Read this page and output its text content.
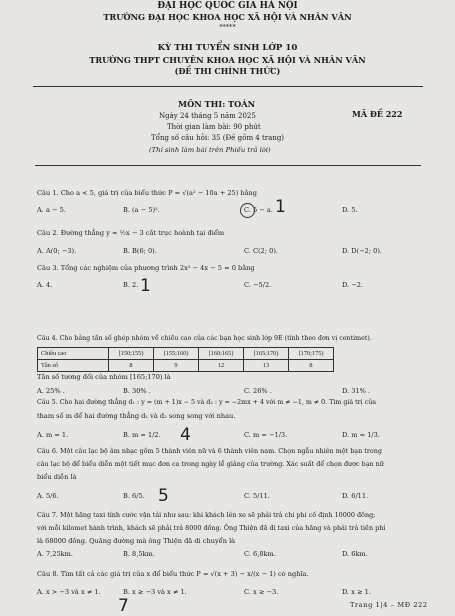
ĐẠI HỌC QUỐC GIA HÀ NỘI
TRƯỜNG ĐẠI HỌC KHOA HỌC XÃ HỘI VÀ NHÂN VĂN
*****
KỲ THI TUYỂN SINH LỚP 10
TRƯỜNG THPT CHUYÊN KHOA HỌC XÃ HỘI VÀ NHÂN VĂN
(ĐỀ THI CHÍNH THỨC)
MÔN THI: TOÁN
Ngày 24 tháng 5 năm 2025
Thời gian làm bài: 90 phút
Tổng số câu hỏi: 35 (Đề gồm 4 trang)
(Thí sinh làm bài trên Phiếu trả lời)
MÃ ĐỀ 222
Câu 1. Cho a < 5, giá trị của biểu thức P = √(a² − 10a + 25) bằng
A. a − 5.	B. (a − 5)².	C. 5 − a.	D. 5.
1
Câu 2. Đường thẳng y = ½x − 3 cắt trục hoành tại điểm
A. A(0; −3).	B. B(6; 0).	C. C(2; 0).	D. D(−2; 0).
Câu 3. Tổng các nghiệm của phương trình 2x² − 4x − 5 = 0 bằng
A. 4.	B. 2.	C. −5/2.	D. −2.
1
Câu 4. Cho bảng tần số ghép nhóm về chiều cao của các bạn học sinh lớp 9E (tính theo đơn vị centimet).
Chiều cao	[150;155)	[155;160)	[160;165)	[165;170)	[170;175)
Tần số	8	9	12	13	8
Tần số tương đối của nhóm [165;170) là
A. 25% .	B. 30% .	C. 26% .	D. 31% .
Câu 5. Cho hai đường thẳng d₁ : y = (m + 1)x − 5 và d₂ : y = −2mx + 4 với m ≠ −1, m ≠ 0. Tìm giá trị của
tham số m để hai đường thẳng d₁ và d₂ song song với nhau.
A. m = 1.	B. m = 1/2.	C. m = −1/3.	D. m = 1/3.
4
Câu 6. Một câu lạc bộ âm nhạc gồm 5 thành viên nữ và 6 thành viên nam. Chọn ngẫu nhiên một bạn trong
câu lạc bộ để biểu diễn một tiết mục đơn ca trong ngày lễ giảng của trường. Xác suất để chọn được bạn nữ
biểu diễn là
A. 5/6.	B. 6/5.	C. 5/11.	D. 6/11.
5
Câu 7. Một hãng taxi tính cước vận tải như sau: khi khách lên xe sẽ phải trả chi phí cố định 10000 đồng;
với mỗi kilomet hành trình, khách sẽ phải trả 8000 đồng. Ông Thiện đã đi taxi của hãng và phải trả tiền phí
là 68000 đồng. Quãng đường mà ông Thiện đã di chuyển là
A. 7,25km.	B. 8,5km.	C. 6,8km.	D. 6km.
Câu 8. Tìm tất cả các giá trị của x để biểu thức P = √(x + 3) − x/(x − 1) có nghĩa.
A. x > −3 và x ≠ 1.	B. x ≥ −3 và x ≠ 1.	C. x ≥ −3.	D. x ≥ 1.
7	Trang 1|4 – MĐ 222
